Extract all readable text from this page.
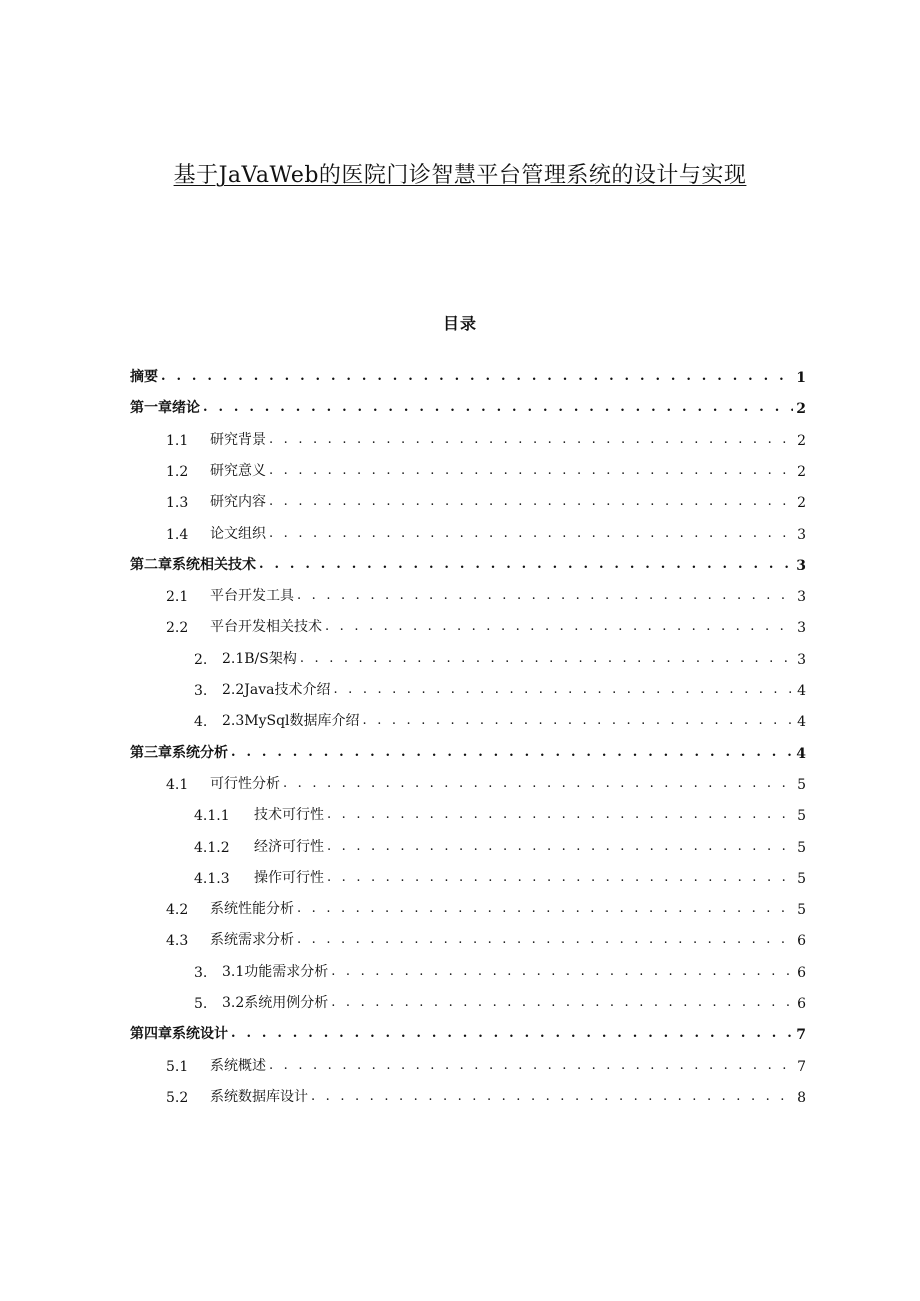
基于JaVaWeb的医院门诊智慧平台管理系统的设计与实现
目录
摘要 . . .	1
第一章绪论 . . .	2
1.1	研究背景 . . .	2
1.2	研究意义 . . .	2
1.3	研究内容 . . .	2
1.4	论文组织 . . .	3
第二章系统相关技术 . . .	3
2.1	平台开发工具 . . .	3
2.2	平台开发相关技术 . . .	3
2.	2.1B/S架构 . . .	3
3.	2.2Java技术介绍 . . .	4
4.	2.3MySql数据库介绍 . . .	4
第三章系统分析 . . .	4
4.1	可行性分析 . . .	5
4.1.1	技术可行性 . . .	5
4.1.2	经济可行性 . . .	5
4.1.3	操作可行性 . . .	5
4.2	系统性能分析 . . .	5
4.3	系统需求分析 . . .	6
3.	3.1功能需求分析 . . .	6
5.	3.2系统用例分析 . . .	6
第四章系统设计 . . .	7
5.1	系统概述 . . .	7
5.2	系统数据库设计 . . .	8
